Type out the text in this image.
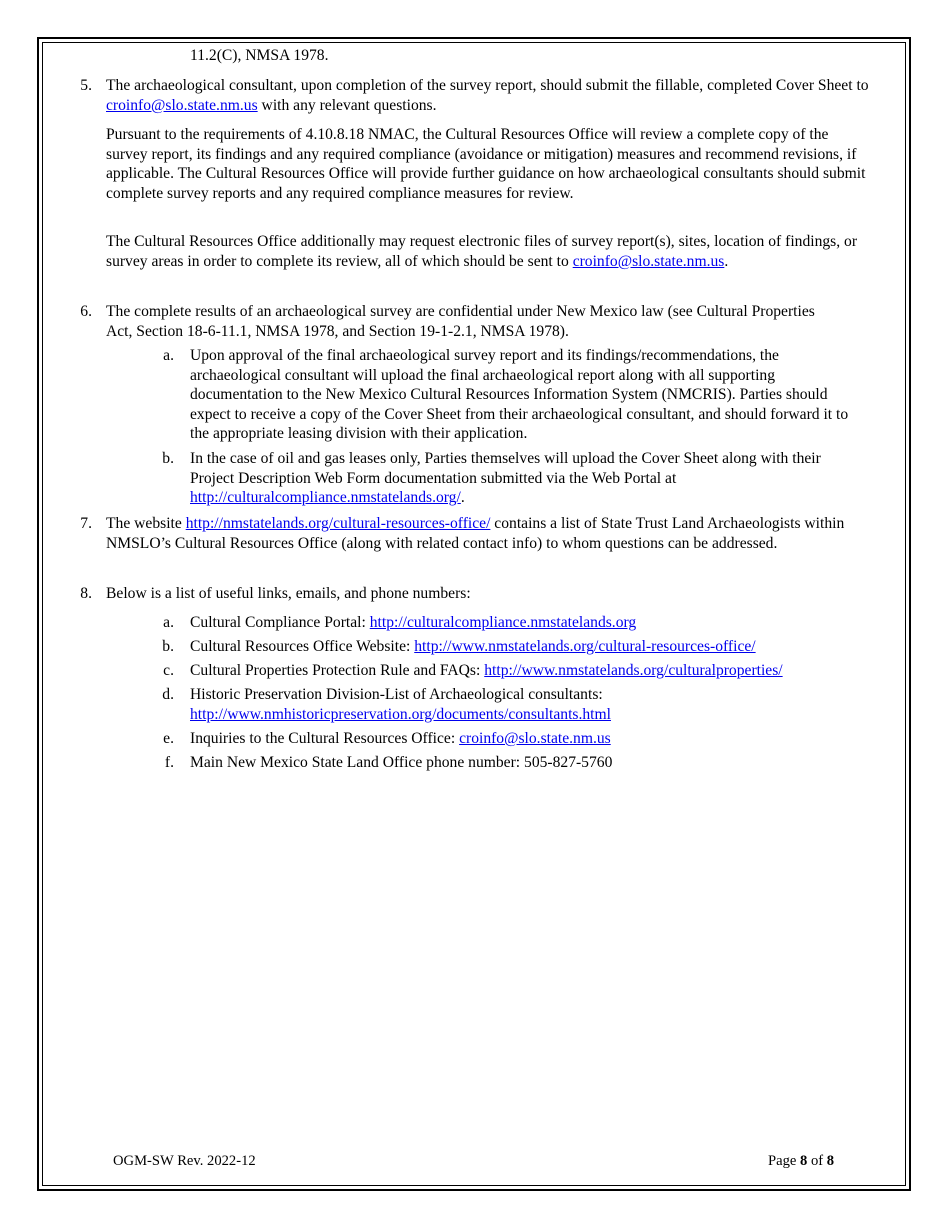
11.2(C), NMSA 1978.
5. The archaeological consultant, upon completion of the survey report, should submit the fillable, completed Cover Sheet to croinfo@slo.state.nm.us with any relevant questions.
Pursuant to the requirements of 4.10.8.18 NMAC, the Cultural Resources Office will review a complete copy of the survey report, its findings and any required compliance (avoidance or mitigation) measures and recommend revisions, if applicable. The Cultural Resources Office will provide further guidance on how archaeological consultants should submit complete survey reports and any required compliance measures for review.
The Cultural Resources Office additionally may request electronic files of survey report(s), sites, location of findings, or survey areas in order to complete its review, all of which should be sent to croinfo@slo.state.nm.us.
6. The complete results of an archaeological survey are confidential under New Mexico law (see Cultural Properties Act, Section 18-6-11.1, NMSA 1978, and Section 19-1-2.1, NMSA 1978).
a. Upon approval of the final archaeological survey report and its findings/recommendations, the archaeological consultant will upload the final archaeological report along with all supporting documentation to the New Mexico Cultural Resources Information System (NMCRIS). Parties should expect to receive a copy of the Cover Sheet from their archaeological consultant, and should forward it to the appropriate leasing division with their application.
b. In the case of oil and gas leases only, Parties themselves will upload the Cover Sheet along with their Project Description Web Form documentation submitted via the Web Portal at http://culturalcompliance.nmstatelands.org/.
7. The website http://nmstatelands.org/cultural-resources-office/ contains a list of State Trust Land Archaeologists within NMSLO’s Cultural Resources Office (along with related contact info) to whom questions can be addressed.
8. Below is a list of useful links, emails, and phone numbers:
a. Cultural Compliance Portal: http://culturalcompliance.nmstatelands.org
b. Cultural Resources Office Website: http://www.nmstatelands.org/cultural-resources-office/
c. Cultural Properties Protection Rule and FAQs: http://www.nmstatelands.org/culturalproperties/
d. Historic Preservation Division-List of Archaeological consultants:
http://www.nmhistoricpreservation.org/documents/consultants.html
e. Inquiries to the Cultural Resources Office: croinfo@slo.state.nm.us
f. Main New Mexico State Land Office phone number: 505-827-5760
OGM-SW Rev. 2022-12	Page 8 of 8
